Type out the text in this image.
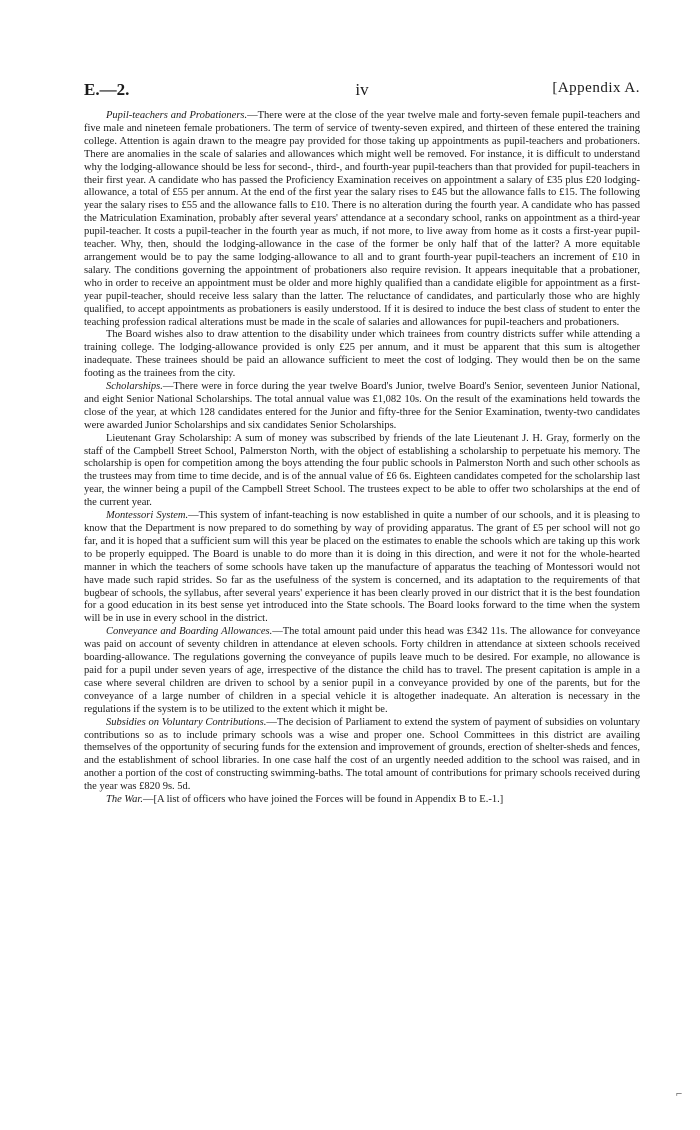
E.—2.	iv	[Appendix A.

Pupil-teachers and Probationers.—There were at the close of the year twelve male and forty-seven female pupil-teachers and five male and nineteen female probationers. The term of service of twenty-seven expired, and thirteen of these entered the training college. Attention is again drawn to the meagre pay provided for those taking up appointments as pupil-teachers and probationers. There are anomalies in the scale of salaries and allowances which might well be removed. For instance, it is difficult to understand why the lodging-allowance should be less for second-, third-, and fourth-year pupil-teachers than that provided for pupil-teachers in their first year. A candidate who has passed the Proficiency Examination receives on appointment a salary of £35 plus £20 lodging-allowance, a total of £55 per annum. At the end of the first year the salary rises to £45 but the allowance falls to £15. The following year the salary rises to £55 and the allowance falls to £10. There is no alteration during the fourth year. A candidate who has passed the Matriculation Examination, probably after several years' attendance at a secondary school, ranks on appointment as a third-year pupil-teacher. It costs a pupil-teacher in the fourth year as much, if not more, to live away from home as it costs a first-year pupil-teacher. Why, then, should the lodging-allowance in the case of the former be only half that of the latter? A more equitable arrangement would be to pay the same lodging-allowance to all and to grant fourth-year pupil-teachers an increment of £10 in salary. The conditions governing the appointment of probationers also require revision. It appears inequitable that a probationer, who in order to receive an appointment must be older and more highly qualified than a candidate eligible for appointment as a first-year pupil-teacher, should receive less salary than the latter. The reluctance of candidates, and particularly those who are highly qualified, to accept appointments as probationers is easily understood. If it is desired to induce the best class of student to enter the teaching profession radical alterations must be made in the scale of salaries and allowances for pupil-teachers and probationers.

The Board wishes also to draw attention to the disability under which trainees from country districts suffer while attending a training college. The lodging-allowance provided is only £25 per annum, and it must be apparent that this sum is altogether inadequate. These trainees should be paid an allowance sufficient to meet the cost of lodging. They would then be on the same footing as the trainees from the city.

Scholarships.—There were in force during the year twelve Board's Junior, twelve Board's Senior, seventeen Junior National, and eight Senior National Scholarships. The total annual value was £1,082 10s. On the result of the examinations held towards the close of the year, at which 128 candidates entered for the Junior and fifty-three for the Senior Examination, twenty-two candidates were awarded Junior Scholarships and six candidates Senior Scholarships.

Lieutenant Gray Scholarship: A sum of money was subscribed by friends of the late Lieutenant J. H. Gray, formerly on the staff of the Campbell Street School, Palmerston North, with the object of establishing a scholarship to perpetuate his memory. The scholarship is open for competition among the boys attending the four public schools in Palmerston North and such other schools as the trustees may from time to time decide, and is of the annual value of £6 6s. Eighteen candidates competed for the scholarship last year, the winner being a pupil of the Campbell Street School. The trustees expect to be able to offer two scholarships at the end of the current year.

Montessori System.—This system of infant-teaching is now established in quite a number of our schools, and it is pleasing to know that the Department is now prepared to do something by way of providing apparatus. The grant of £5 per school will not go far, and it is hoped that a sufficient sum will this year be placed on the estimates to enable the schools which are taking up this work to be properly equipped. The Board is unable to do more than it is doing in this direction, and were it not for the whole-hearted manner in which the teachers of some schools have taken up the manufacture of apparatus the teaching of Montessori would not have made such rapid strides. So far as the usefulness of the system is concerned, and its adaptation to the requirements of that bugbear of schools, the syllabus, after several years' experience it has been clearly proved in our district that it is the best foundation for a good education in its best sense yet introduced into the State schools. The Board looks forward to the time when the system will be in use in every school in the district.

Conveyance and Boarding Allowances.—The total amount paid under this head was £342 11s. The allowance for conveyance was paid on account of seventy children in attendance at eleven schools. Forty children in attendance at sixteen schools received boarding-allowance. The regulations governing the conveyance of pupils leave much to be desired. For example, no allowance is paid for a pupil under seven years of age, irrespective of the distance the child has to travel. The present capitation is ample in a case where several children are driven to school by a senior pupil in a conveyance provided by one of the parents, but for the conveyance of a large number of children in a special vehicle it is altogether inadequate. An alteration is necessary in the regulations if the system is to be utilized to the extent which it might be.

Subsidies on Voluntary Contributions.—The decision of Parliament to extend the system of payment of subsidies on voluntary contributions so as to include primary schools was a wise and proper one. School Committees in this district are availing themselves of the opportunity of securing funds for the extension and improvement of grounds, erection of shelter-sheds and fences, and the establishment of school libraries. In one case half the cost of an urgently needed addition to the school was raised, and in another a portion of the cost of constructing swimming-baths. The total amount of contributions for primary schools received during the year was £820 9s. 5d.

The War.—[A list of officers who have joined the Forces will be found in Appendix B to E.-1.]

⌐
